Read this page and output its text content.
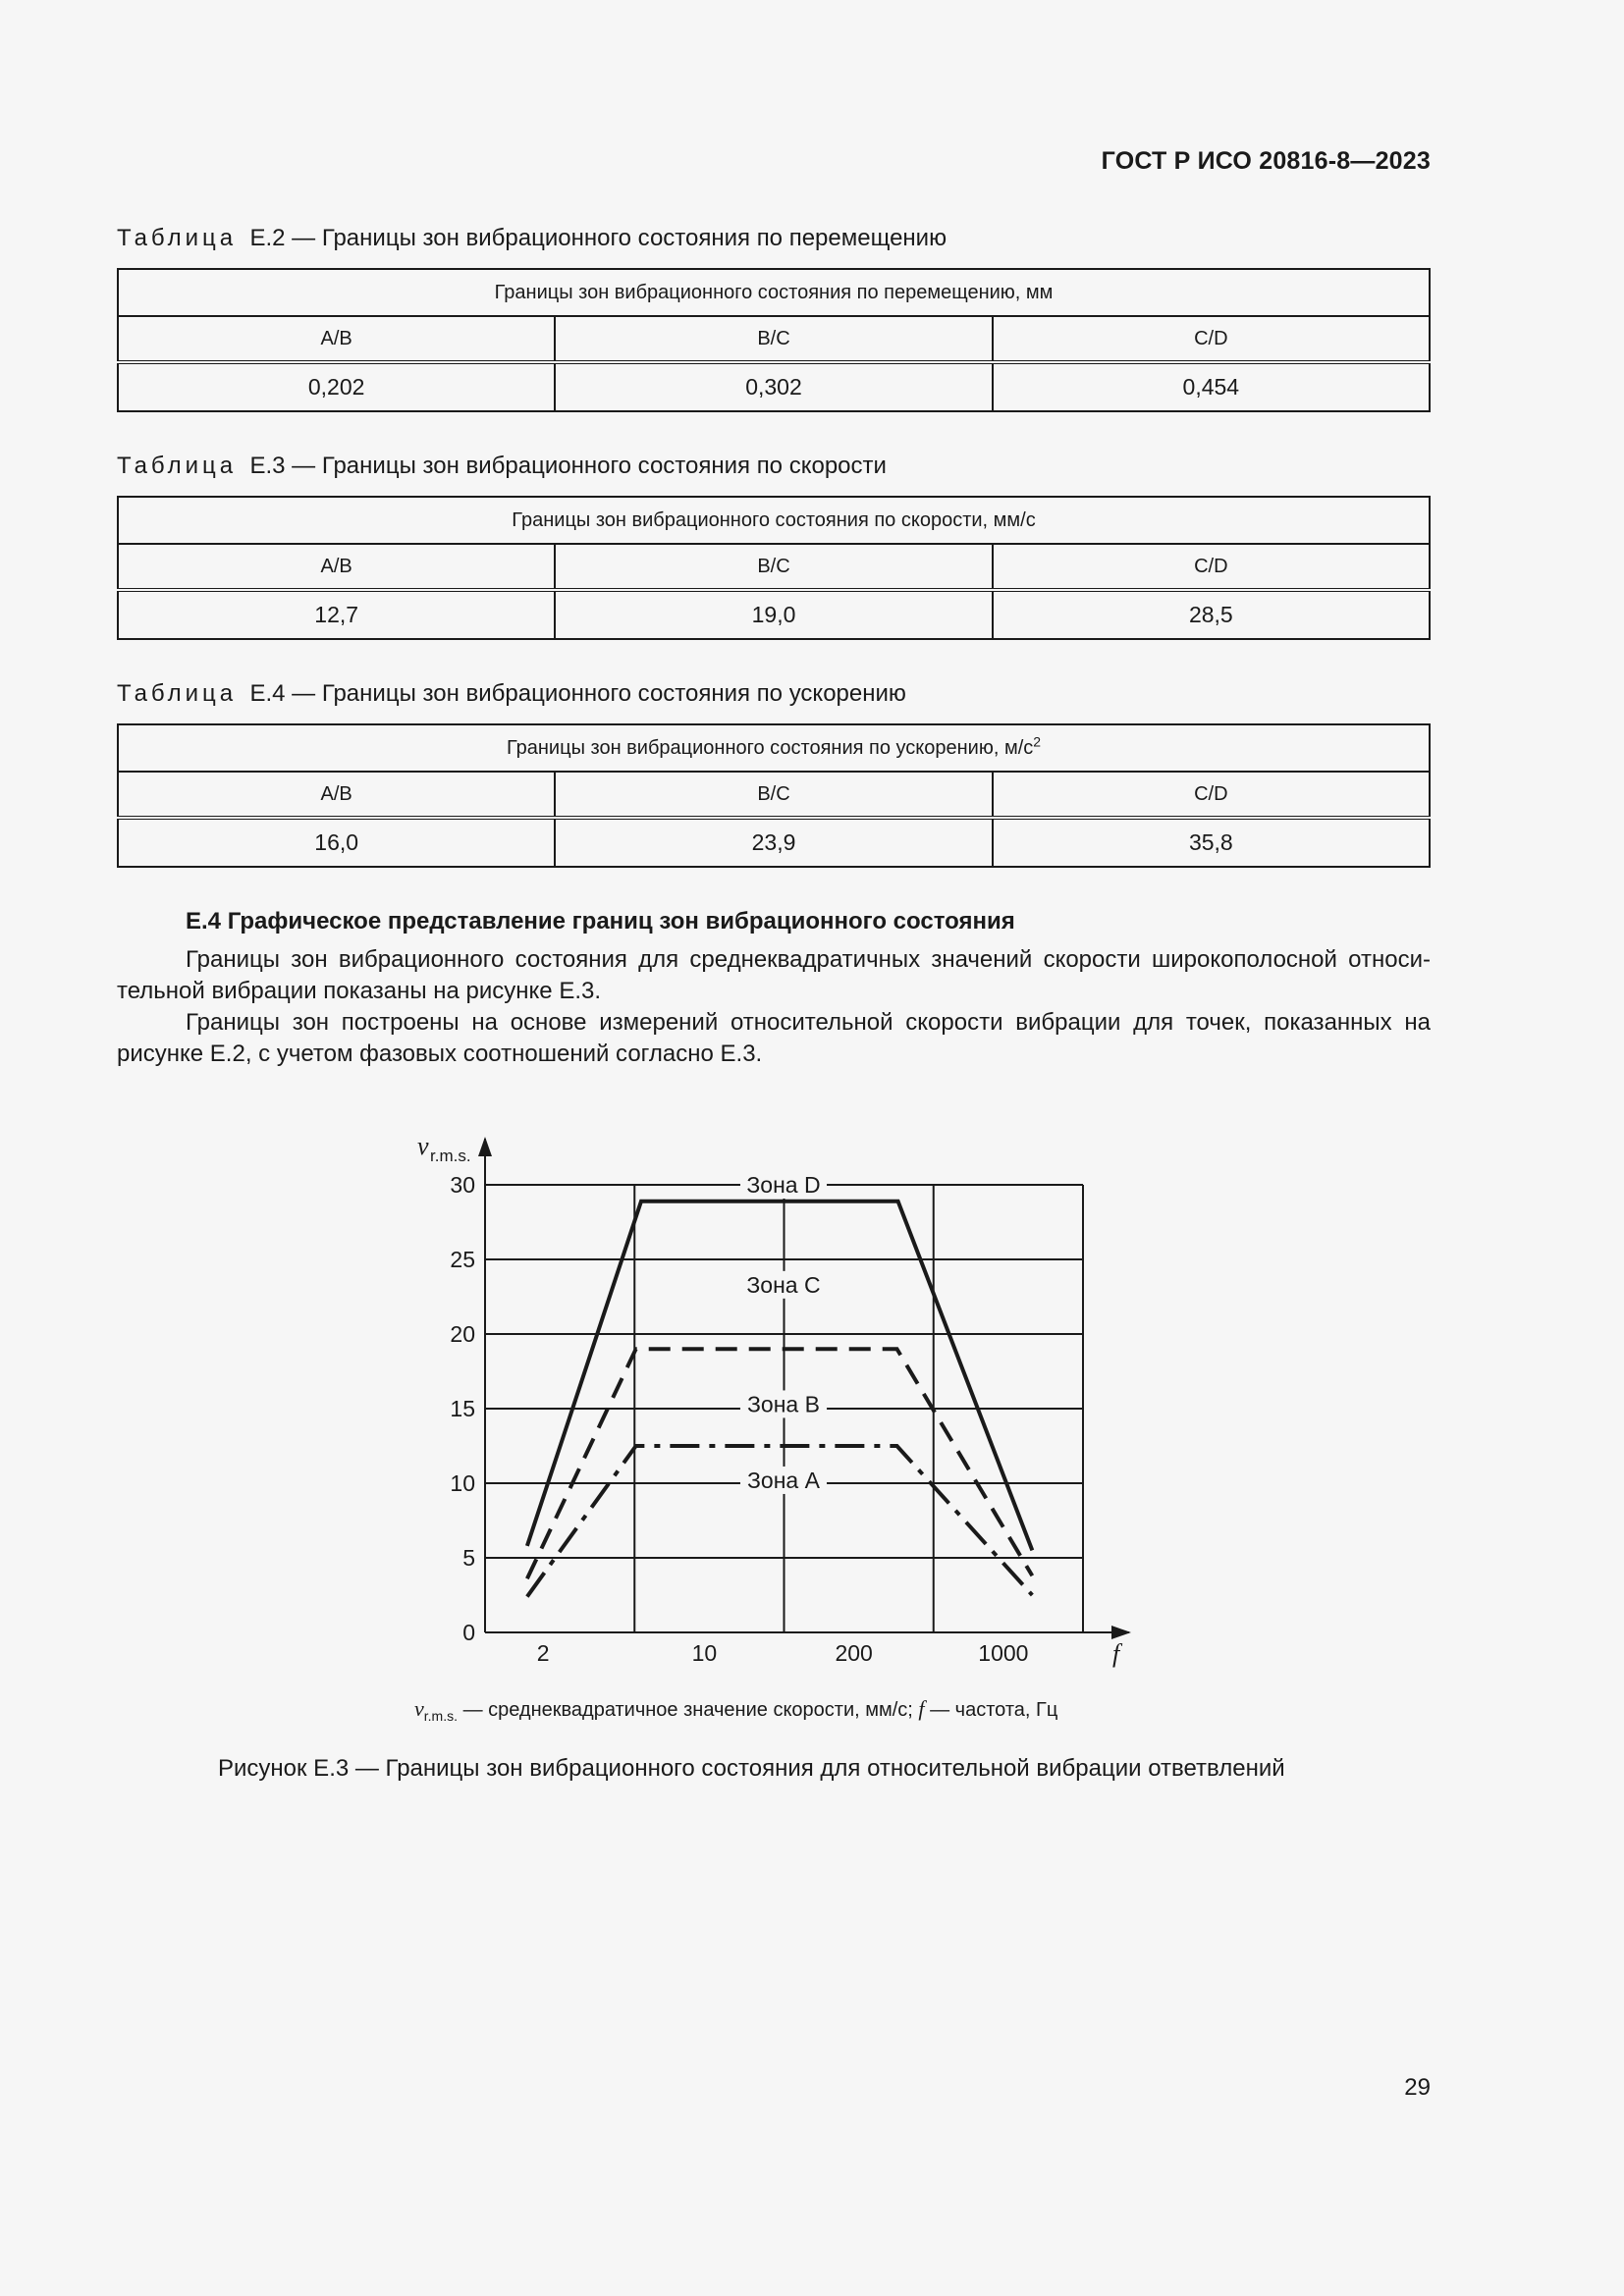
ГОСТ Р ИСО 20816-8—2023
Таблица Е.2 — Границы зон вибрационного состояния по перемещению
Границы зон вибрационного состояния по перемещению, мм		
A/B	B/C	C/D
0,202	0,302	0,454
Таблица Е.3 — Границы зон вибрационного состояния по скорости
Границы зон вибрационного состояния по скорости, мм/с		
A/B	B/C	C/D
12,7	19,0	28,5
Таблица Е.4 — Границы зон вибрационного состояния по ускорению
Границы зон вибрационного состояния по ускорению, $м/с^2$
A/B	B/C	C/D
16,0	23,9	35,8
Е.4 Графическое представление границ зон вибрационного состояния
Границы зон вибрационного состояния для среднеквадратичных значений скорости широкополосной относи-тельной вибрации показаны на рисунке Е.3.
Границы зон построены на основе измерений относительной скорости вибрации для точек, показанных на рисунке Е.2, с учетом фазовых соотношений согласно Е.3.
0
5
10
15
20
25
30
2	10	200	1000
v r.m.s.
f
Зона D
Зона C
Зона B
Зона A
$v_{r.m.s.}$ — среднеквадратичное значение скорости, мм/с; f — частота, Гц
Рисунок Е.3 — Границы зон вибрационного состояния для относительной вибрации ответвлений
29
